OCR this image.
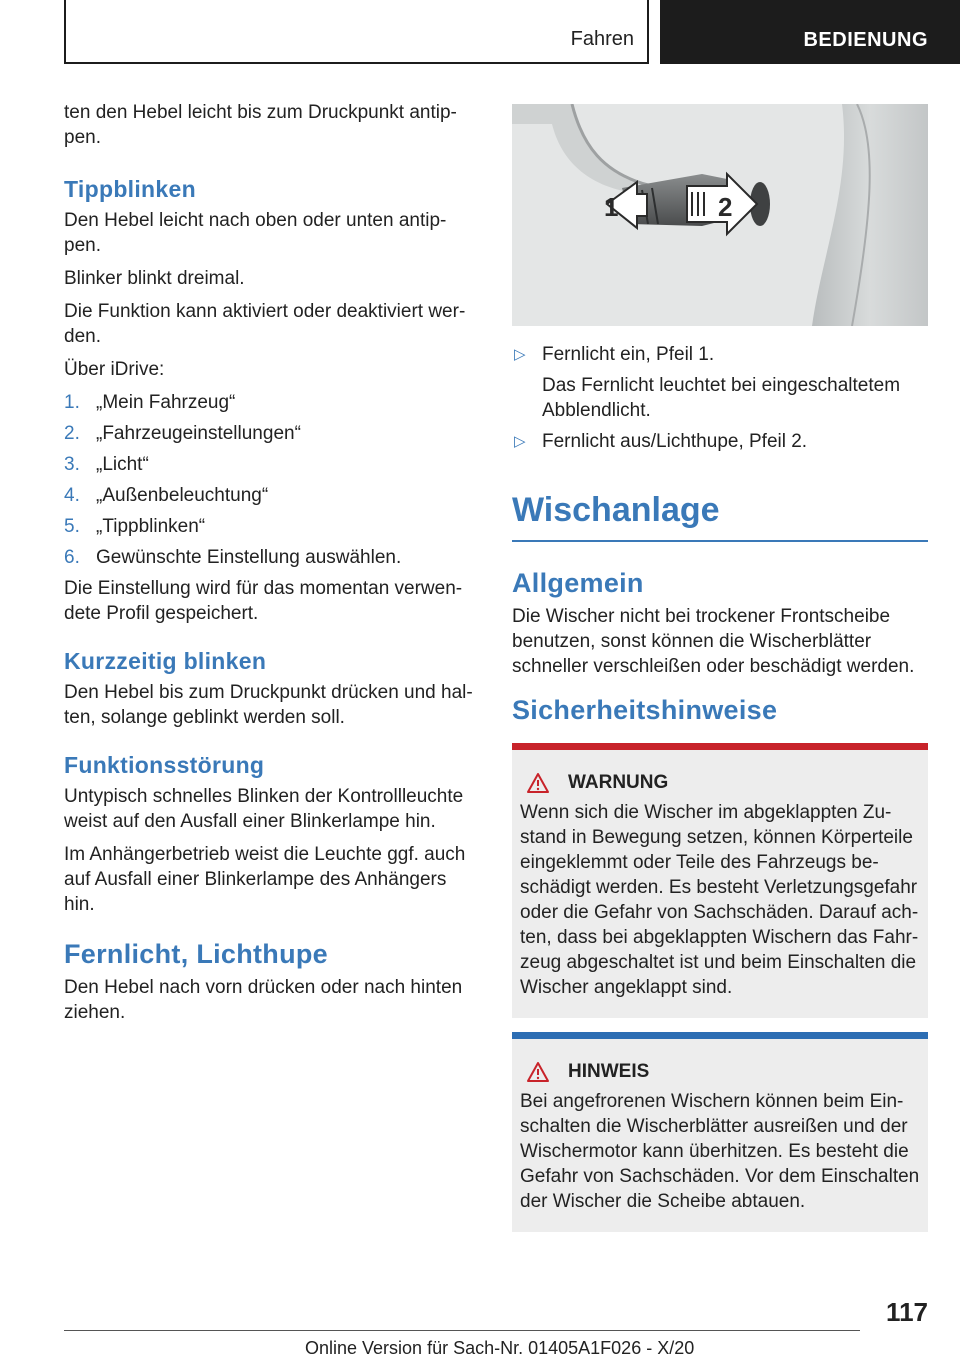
Fahren	BEDIENUNG

ten den Hebel leicht bis zum Druckpunkt antip-pen.

Tippblinken

Den Hebel leicht nach oben oder unten antip-pen.

Blinker blinkt dreimal.

Die Funktion kann aktiviert oder deaktiviert wer-den.

Über iDrive:

1. „Mein Fahrzeug“
2. „Fahrzeugeinstellungen“
3. „Licht“
4. „Außenbeleuchtung“
5. „Tippblinken“
6. Gewünschte Einstellung auswählen.

Die Einstellung wird für das momentan verwen-dete Profil gespeichert.

Kurzzeitig blinken

Den Hebel bis zum Druckpunkt drücken und hal-ten, solange geblinkt werden soll.

Funktionsstörung

Untypisch schnelles Blinken der Kontrollleuchte weist auf den Ausfall einer Blinkerlampe hin.

Im Anhängerbetrieb weist die Leuchte ggf. auch auf Ausfall einer Blinkerlampe des Anhängers hin.

Fernlicht, Lichthupe

Den Hebel nach vorn drücken oder nach hinten ziehen.

1	2
▷ Fernlicht ein, Pfeil 1.
Das Fernlicht leuchtet bei eingeschaltetem Abblendlicht.
▷ Fernlicht aus/Lichthupe, Pfeil 2.
Wischanlage
Allgemein

Die Wischer nicht bei trockener Frontscheibe benutzen, sonst können die Wischerblätter schneller verschleißen oder beschädigt werden.

Sicherheitshinweise
WARNUNG

Wenn sich die Wischer im abgeklappten Zu-stand in Bewegung setzen, können Körperteile eingeklemmt oder Teile des Fahrzeugs be-schädigt werden. Es besteht Verletzungsgefahr oder die Gefahr von Sachschäden. Darauf ach-ten, dass bei abgeklappten Wischern das Fahr-zeug abgeschaltet ist und beim Einschalten die Wischer angeklappt sind.

HINWEIS

Bei angefrorenen Wischern können beim Ein-schalten die Wischerblätter ausreißen und der Wischermotor kann überhitzen. Es besteht die Gefahr von Sachschäden. Vor dem Einschalten der Wischer die Scheibe abtauen.

117
Online Version für Sach-Nr. 01405A1F026 - X/20
